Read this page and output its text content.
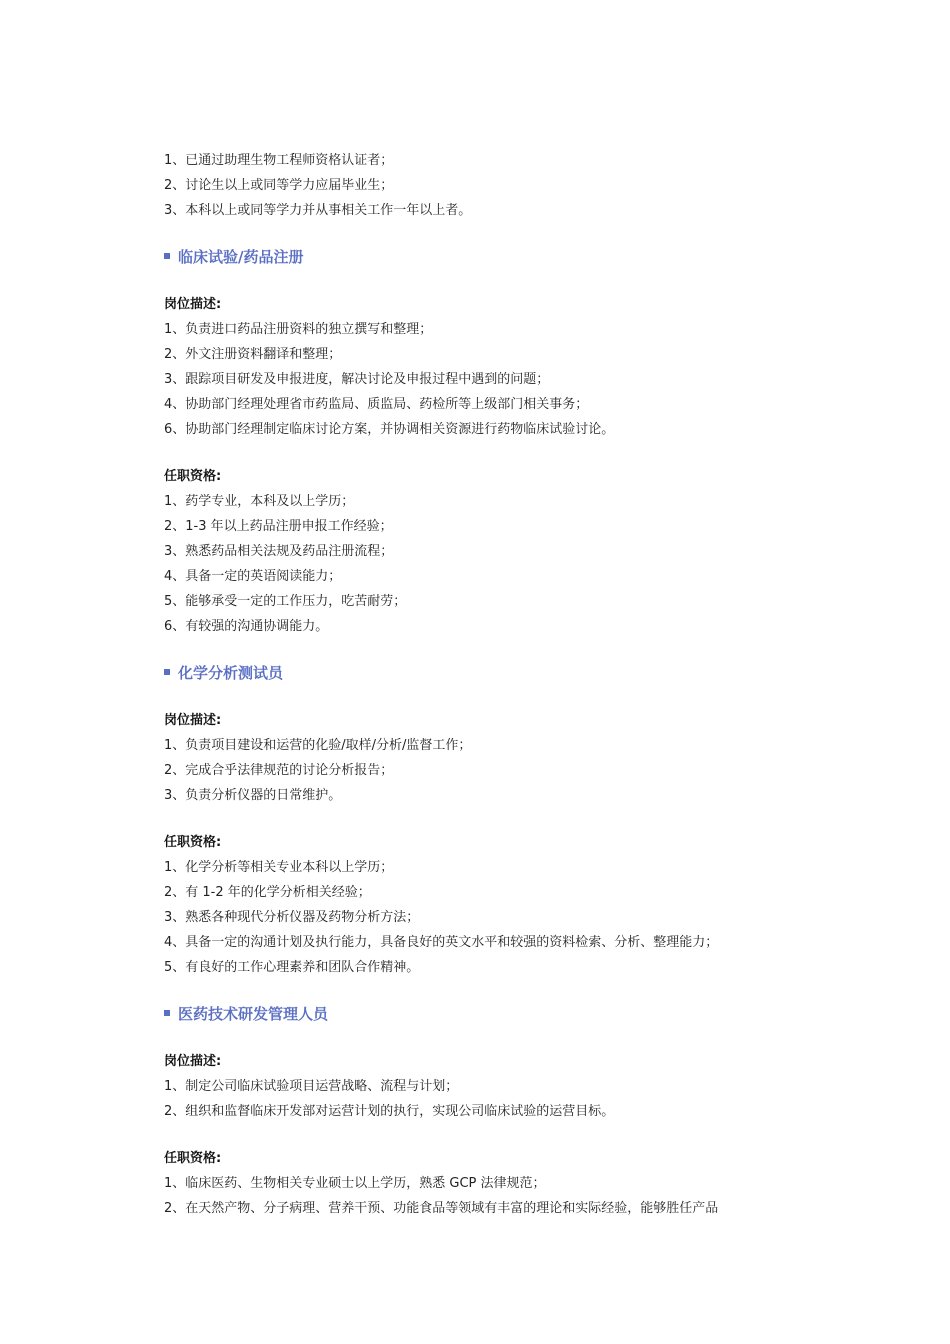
1、已通过助理生物工程师资格认证者；
2、讨论生以上或同等学力应届毕业生；
3、本科以上或同等学力并从事相关工作一年以上者。
临床试验/药品注册
岗位描述:
1、负责进口药品注册资料的独立撰写和整理；
2、外文注册资料翻译和整理；
3、跟踪项目研发及申报进度，解决讨论及申报过程中遇到的问题；
4、协助部门经理处理省市药监局、质监局、药检所等上级部门相关事务；
6、协助部门经理制定临床讨论方案，并协调相关资源进行药物临床试验讨论。
任职资格:
1、药学专业，本科及以上学历；
2、1-3 年以上药品注册申报工作经验；
3、熟悉药品相关法规及药品注册流程；
4、具备一定的英语阅读能力；
5、能够承受一定的工作压力，吃苦耐劳；
6、有较强的沟通协调能力。
化学分析测试员
岗位描述:
1、负责项目建设和运营的化验/取样/分析/监督工作；
2、完成合乎法律规范的讨论分析报告；
3、负责分析仪器的日常维护。
任职资格:
1、化学分析等相关专业本科以上学历；
2、有 1-2 年的化学分析相关经验；
3、熟悉各种现代分析仪器及药物分析方法；
4、具备一定的沟通计划及执行能力，具备良好的英文水平和较强的资料检索、分析、整理能力；
5、有良好的工作心理素养和团队合作精神。
医药技术研发管理人员
岗位描述:
1、制定公司临床试验项目运营战略、流程与计划；
2、组织和监督临床开发部对运营计划的执行，实现公司临床试验的运营目标。
任职资格:
1、临床医药、生物相关专业硕士以上学历，熟悉 GCP 法律规范；
2、在天然产物、分子病理、营养干预、功能食品等领域有丰富的理论和实际经验，能够胜任产品
